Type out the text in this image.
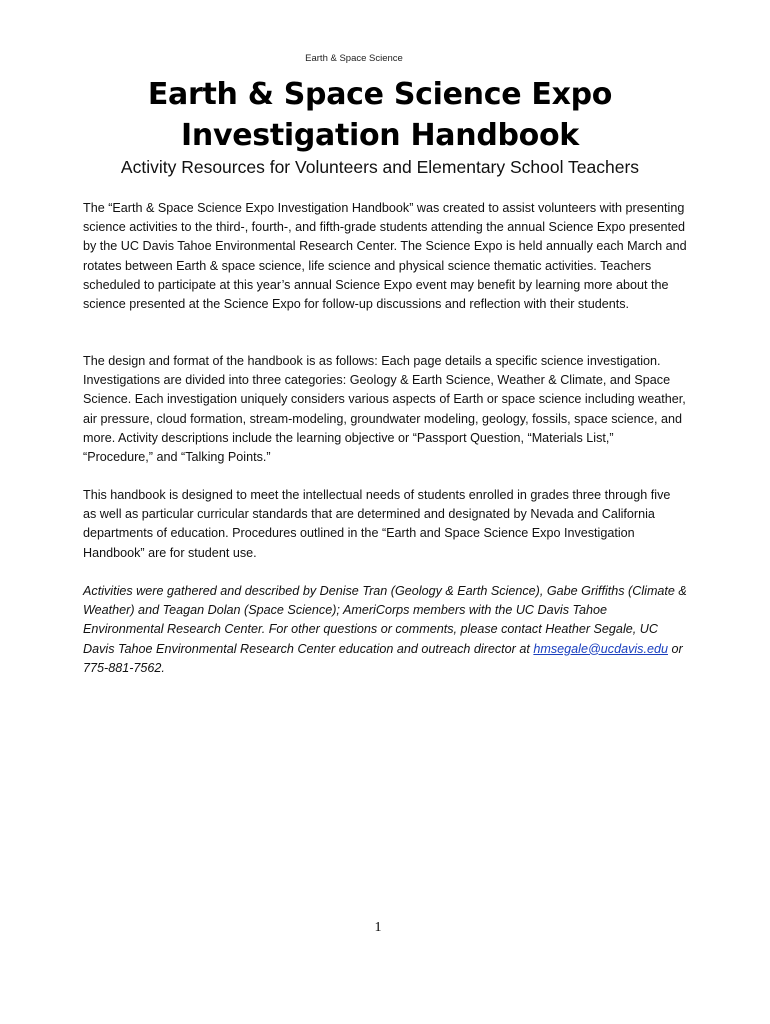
Earth & Space Science
Earth & Space Science Expo
Investigation Handbook

Activity Resources for Volunteers and Elementary School Teachers

The “Earth & Space Science Expo Investigation Handbook” was created to assist volunteers with presenting science activities to the third-, fourth-, and fifth-grade students attending the annual Science Expo presented by the UC Davis Tahoe Environmental Research Center. The Science Expo is held annually each March and rotates between Earth & space science, life science and physical science thematic activities. Teachers scheduled to participate at this year’s annual Science Expo event may benefit by learning more about the science presented at the Science Expo for follow-up discussions and reflection with their students.

The design and format of the handbook is as follows: Each page details a specific science investigation. Investigations are divided into three categories: Geology & Earth Science, Weather & Climate, and Space Science. Each investigation uniquely considers various aspects of Earth or space science including weather, air pressure, cloud formation, stream-modeling, groundwater modeling, geology, fossils, space science, and more. Activity descriptions include the learning objective or “Passport Question, “Materials List,” “Procedure,” and “Talking Points.”

This handbook is designed to meet the intellectual needs of students enrolled in grades three through five as well as particular curricular standards that are determined and designated by Nevada and California departments of education. Procedures outlined in the “Earth and Space Science Expo Investigation Handbook” are for student use.

Activities were gathered and described by Denise Tran (Geology & Earth Science), Gabe Griffiths (Climate & Weather) and Teagan Dolan (Space Science); AmeriCorps members with the UC Davis Tahoe Environmental Research Center. For other questions or comments, please contact Heather Segale, UC Davis Tahoe Environmental Research Center education and outreach director at hmsegale@ucdavis.edu or 775-881-7562.

1
